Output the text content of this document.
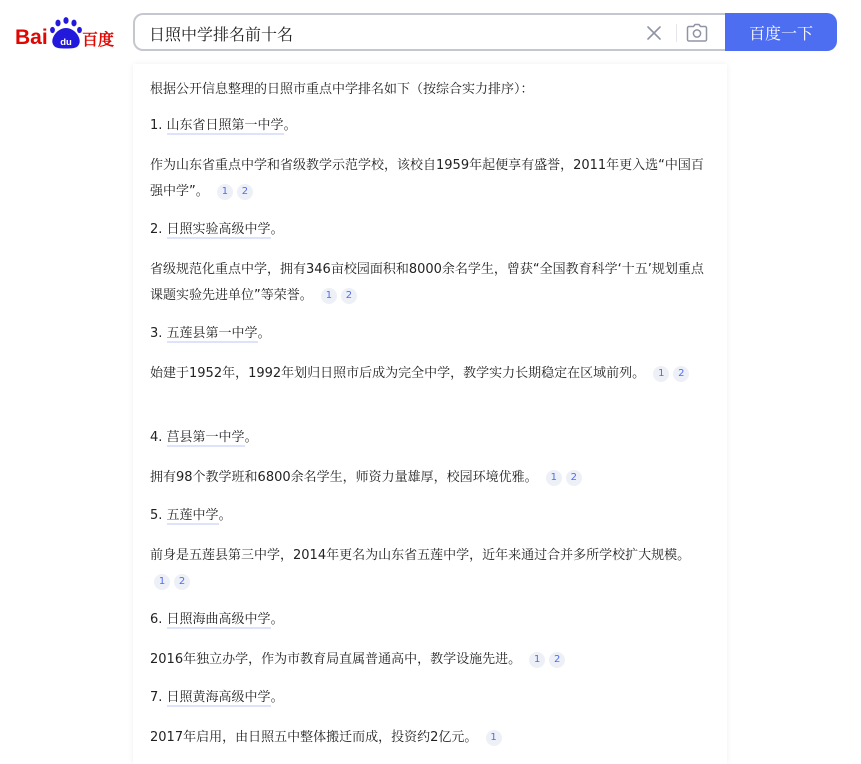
Bai du 百度
日照中学排名前十名	百度一下
根据公开信息整理的日照市重点中学排名如下（按综合实力排序）：
1. 山东省日照第一中学。
作为山东省重点中学和省级教学示范学校，该校自1959年起便享有盛誉，2011年更入选“中国百强中学”。 1 2
2. 日照实验高级中学。
省级规范化重点中学，拥有346亩校园面积和8000余名学生，曾获“全国教育科学‘十五’规划重点课题实验先进单位”等荣誉。 1 2
3. 五莲县第一中学。
始建于1952年，1992年划归日照市后成为完全中学，教学实力长期稳定在区域前列。 1 2
4. 莒县第一中学。
拥有98个教学班和6800余名学生，师资力量雄厚，校园环境优雅。 1 2
5. 五莲中学。
前身是五莲县第三中学，2014年更名为山东省五莲中学，近年来通过合并多所学校扩大规模。 1 2
6. 日照海曲高级中学。
2016年独立办学，作为市教育局直属普通高中，教学设施先进。 1 2
7. 日照黄海高级中学。
2017年启用，由日照五中整体搬迁而成，投资约2亿元。 1
